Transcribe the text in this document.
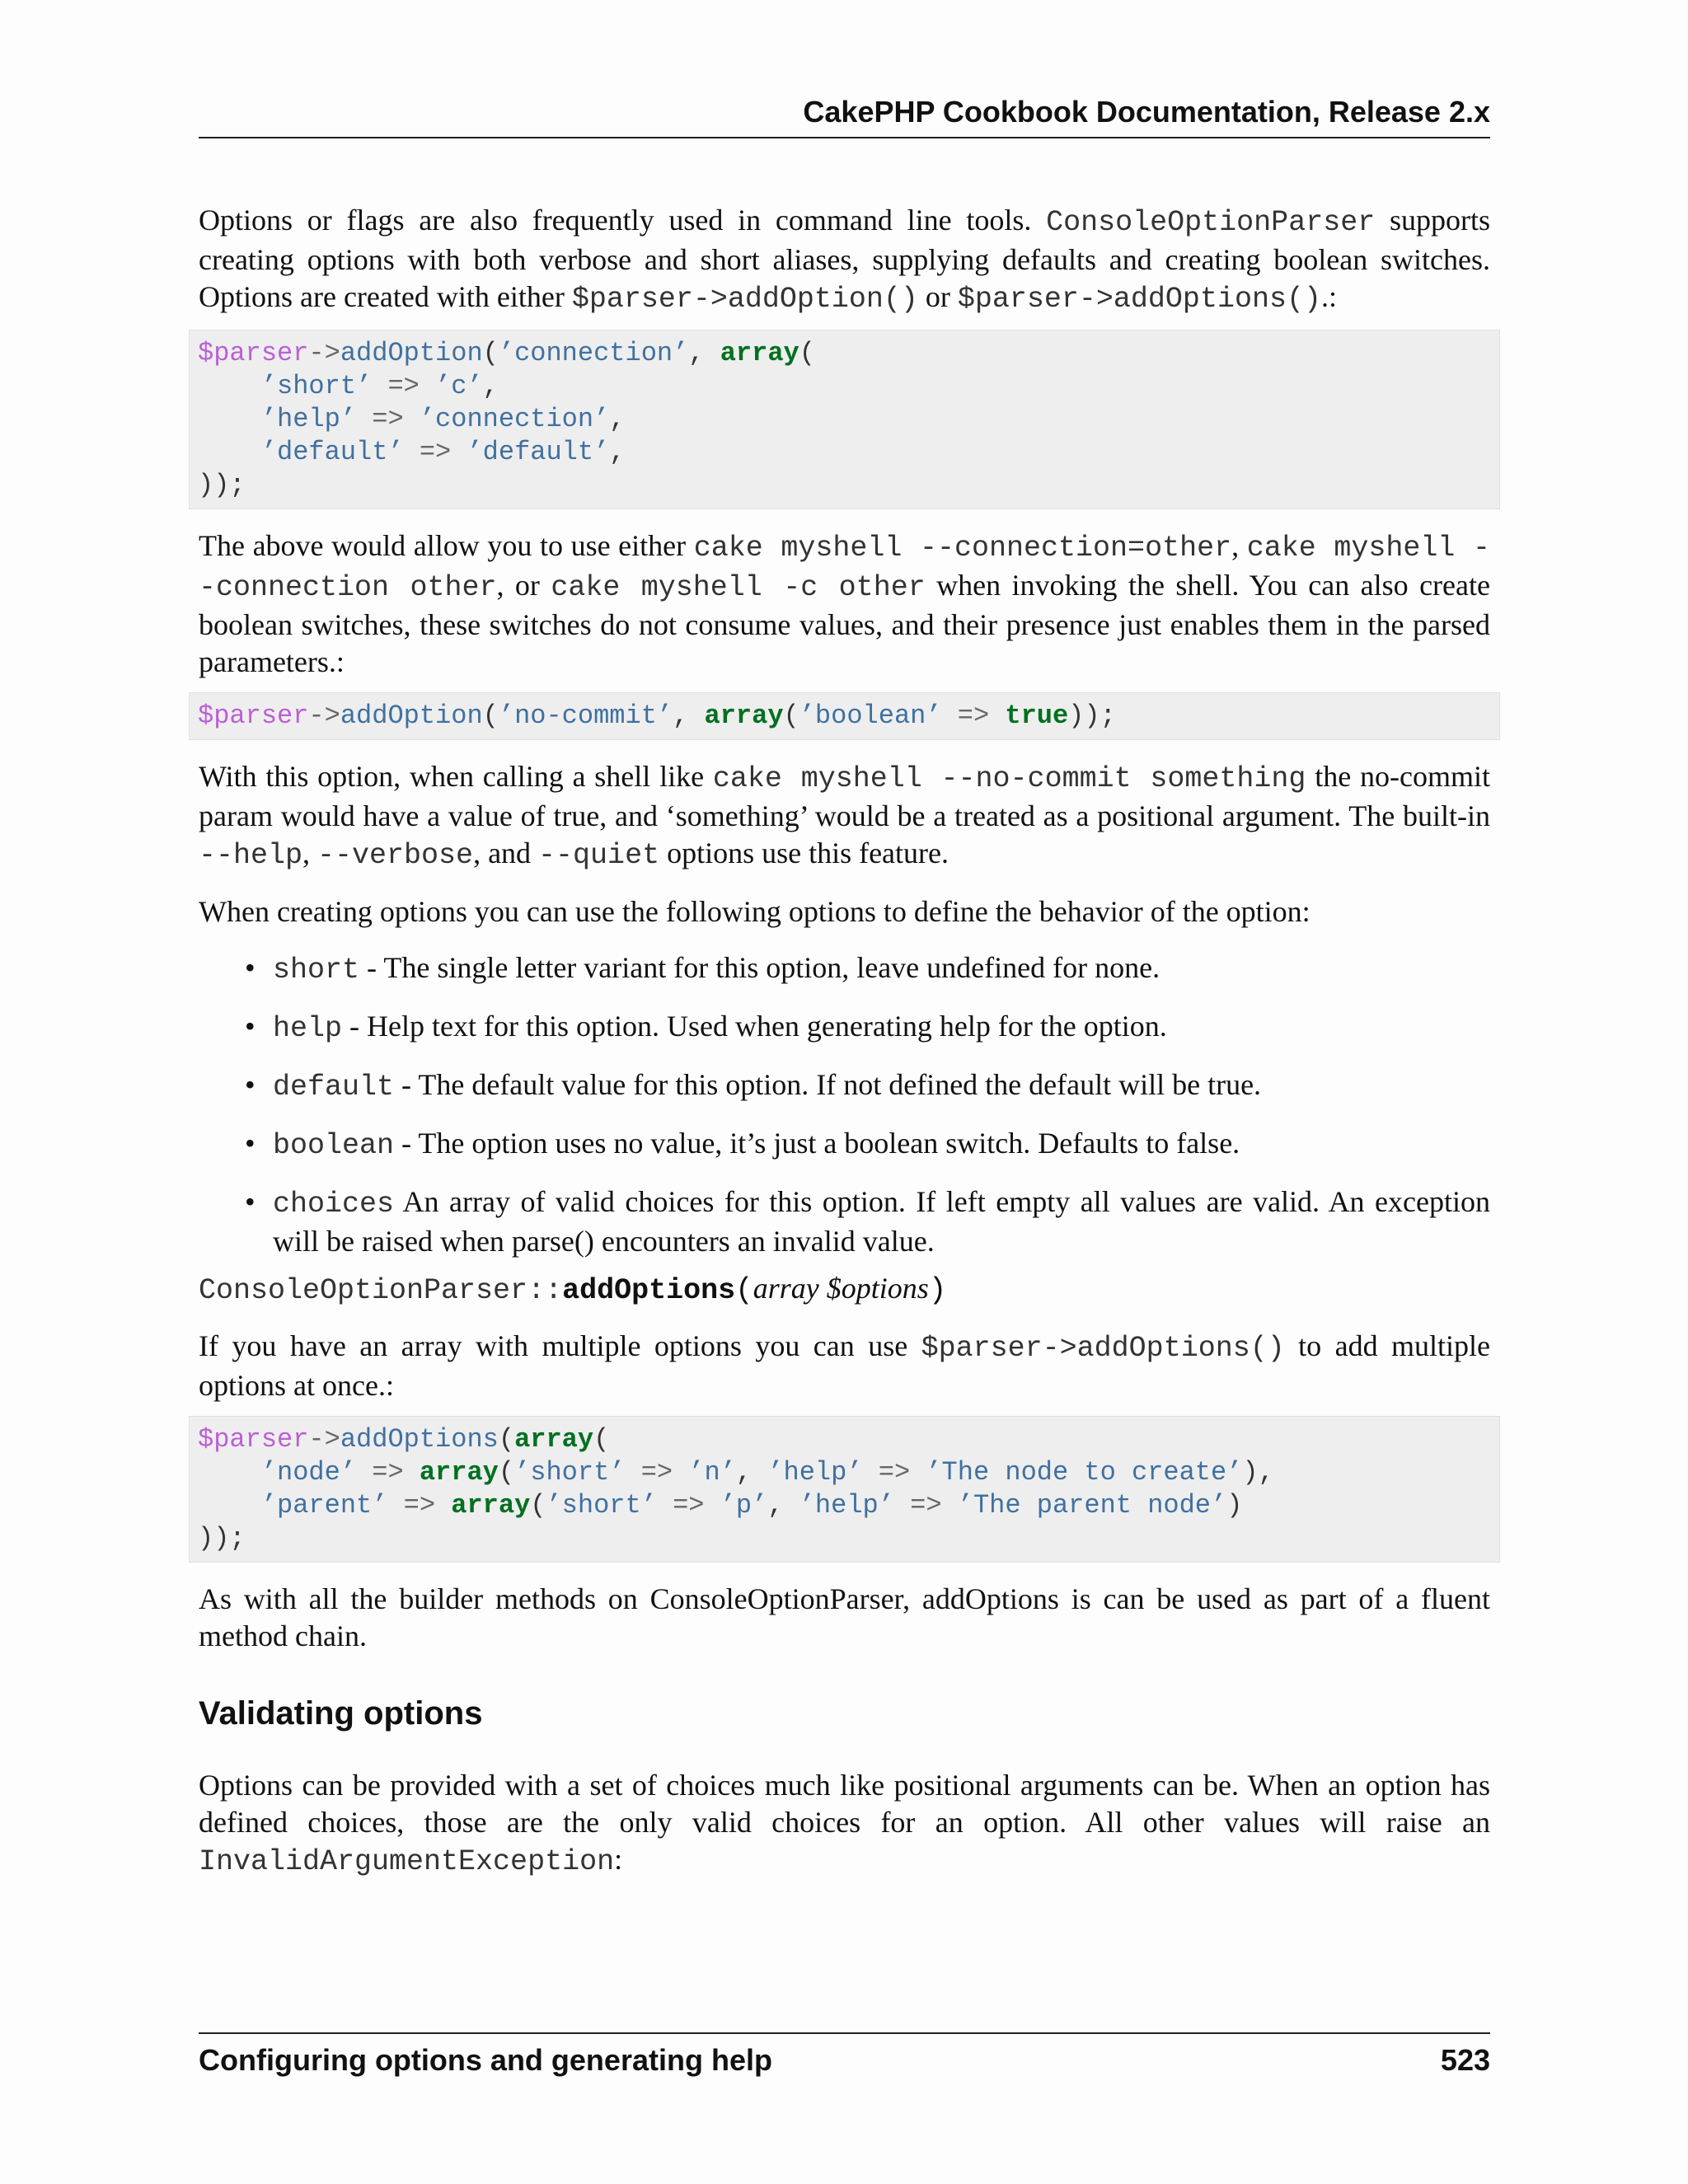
CakePHP Cookbook Documentation, Release 2.x

Options or flags are also frequently used in command line tools. ConsoleOptionParser supports creating options with both verbose and short aliases, supplying defaults and creating boolean switches. Options are created with either $parser->addOption() or $parser->addOptions().:

$parser->addOption(’connection’, array(
’short’ => ’c’,
’help’ => ’connection’,
’default’ => ’default’,
));

The above would allow you to use either cake myshell --connection=other, cake myshell --connection other, or cake myshell -c other when invoking the shell. You can also create boolean switches, these switches do not consume values, and their presence just enables them in the parsed parameters.:

$parser->addOption(’no-commit’, array(’boolean’ => true));

With this option, when calling a shell like cake myshell --no-commit something the no-commit param would have a value of true, and ‘something’ would be a treated as a positional argument. The built-in --help, --verbose, and --quiet options use this feature.

When creating options you can use the following options to define the behavior of the option:

• short - The single letter variant for this option, leave undefined for none.
• help - Help text for this option. Used when generating help for the option.
• default - The default value for this option. If not defined the default will be true.
• boolean - The option uses no value, it’s just a boolean switch. Defaults to false.
• choices An array of valid choices for this option. If left empty all values are valid. An exception will be raised when parse() encounters an invalid value.
ConsoleOptionParser::addOptions(array $options)

If you have an array with multiple options you can use $parser->addOptions() to add multiple options at once.:

$parser->addOptions(array(
’node’ => array(’short’ => ’n’, ’help’ => ’The node to create’),
’parent’ => array(’short’ => ’p’, ’help’ => ’The parent node’)
));

As with all the builder methods on ConsoleOptionParser, addOptions is can be used as part of a fluent method chain.

Validating options

Options can be provided with a set of choices much like positional arguments can be. When an option has defined choices, those are the only valid choices for an option. All other values will raise an InvalidArgumentException:

Configuring options and generating help	523
